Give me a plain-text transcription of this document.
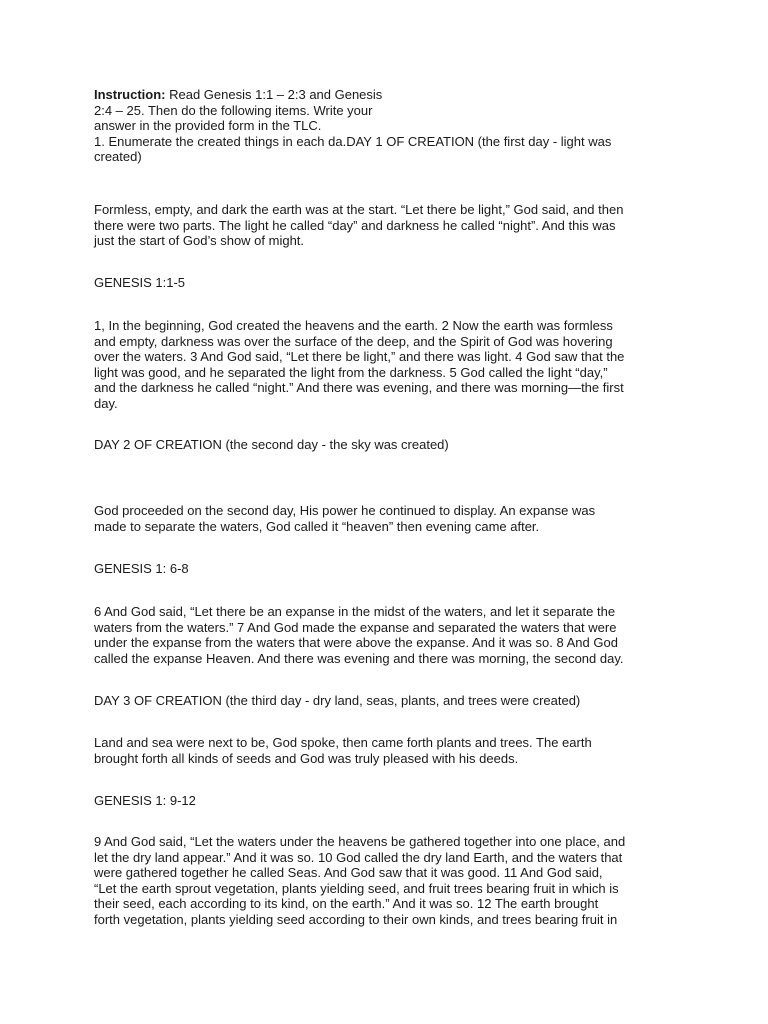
Instruction: Read Genesis 1:1 – 2:3 and Genesis
2:4 – 25. Then do the following items. Write your
answer in the provided form in the TLC.
1. Enumerate the created things in each da.DAY 1 OF CREATION (the first day - light was
created)
Formless, empty, and dark the earth was at the start. “Let there be light,” God said, and then
there were two parts. The light he called “day” and darkness he called “night”. And this was
just the start of God’s show of might.
GENESIS 1:1-5
1, In the beginning, God created the heavens and the earth. 2 Now the earth was formless
and empty, darkness was over the surface of the deep, and the Spirit of God was hovering
over the waters. 3 And God said, “Let there be light,” and there was light. 4 God saw that the
light was good, and he separated the light from the darkness. 5 God called the light “day,”
and the darkness he called “night.” And there was evening, and there was morning—the first
day.
DAY 2 OF CREATION (the second day - the sky was created)
God proceeded on the second day, His power he continued to display. An expanse was
made to separate the waters, God called it “heaven” then evening came after.
GENESIS 1: 6-8
6 And God said, “Let there be an expanse in the midst of the waters, and let it separate the
waters from the waters.” 7 And God made the expanse and separated the waters that were
under the expanse from the waters that were above the expanse. And it was so. 8 And God
called the expanse Heaven. And there was evening and there was morning, the second day.
DAY 3 OF CREATION (the third day - dry land, seas, plants, and trees were created)
Land and sea were next to be, God spoke, then came forth plants and trees. The earth
brought forth all kinds of seeds and God was truly pleased with his deeds.
GENESIS 1: 9-12
9 And God said, “Let the waters under the heavens be gathered together into one place, and
let the dry land appear.” And it was so. 10 God called the dry land Earth, and the waters that
were gathered together he called Seas. And God saw that it was good. 11 And God said,
“Let the earth sprout vegetation, plants yielding seed, and fruit trees bearing fruit in which is
their seed, each according to its kind, on the earth.” And it was so. 12 The earth brought
forth vegetation, plants yielding seed according to their own kinds, and trees bearing fruit in
